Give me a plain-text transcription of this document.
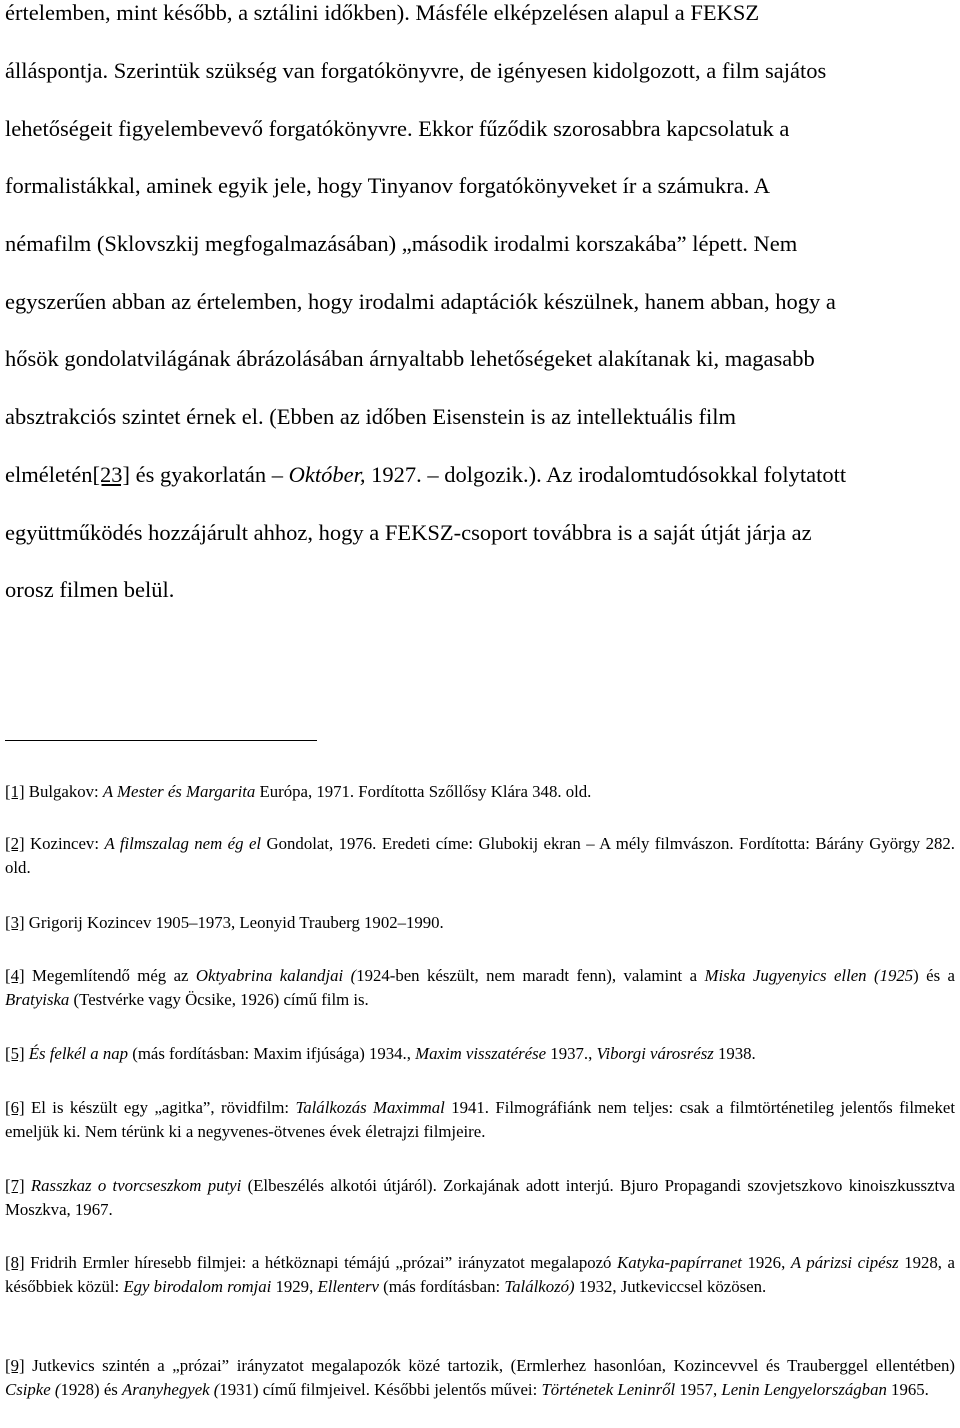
értelemben, mint később, a sztálini időkben). Másféle elképzelésen alapul a FEKSZ
álláspontja. Szerintük szükség van forgatókönyvre, de igényesen kidolgozott, a film sajátos
lehetőségeit figyelembevevő forgatókönyvre. Ekkor fűződik szorosabbra kapcsolatuk a
formalistákkal, aminek egyik jele, hogy Tinyanov forgatókönyveket ír a számukra. A
némafilm (Sklovszkij megfogalmazásában) „második irodalmi korszakába” lépett. Nem
egyszerűen abban az értelemben, hogy irodalmi adaptációk készülnek, hanem abban, hogy a
hősök gondolatvilágának ábrázolásában árnyaltabb lehetőségeket alakítanak ki, magasabb
absztrakciós szintet érnek el. (Ebben az időben Eisenstein is az intellektuális film
elméletén[23] és gyakorlatán – Október, 1927. – dolgozik.). Az irodalomtudósokkal folytatott
együttműködés hozzájárult ahhoz, hogy a FEKSZ-csoport továbbra is a saját útját járja az
orosz filmen belül.
[1] Bulgakov: A Mester és Margarita Európa, 1971. Fordította Szőllősy Klára 348. old.
[2] Kozincev: A filmszalag nem ég el Gondolat, 1976. Eredeti címe: Glubokij ekran – A mély filmvászon. Fordította: Bárány György 282. old.
[3] Grigorij Kozincev 1905–1973, Leonyid Trauberg 1902–1990.
[4] Megemlítendő még az Oktyabrina kalandjai (1924-ben készült, nem maradt fenn), valamint a Miska Jugyenyics ellen (1925) és a Bratyiska (Testvérke vagy Öcsike, 1926) című film is.
[5] És felkél a nap (más fordításban: Maxim ifjúsága) 1934., Maxim visszatérése 1937., Viborgi városrész 1938.
[6] El is készült egy „agitka”, rövidfilm: Találkozás Maximmal 1941. Filmográfiánk nem teljes: csak a filmtörténetileg jelentős filmeket emeljük ki. Nem térünk ki a negyvenes-ötvenes évek életrajzi filmjeire.
[7] Rasszkaz o tvorcseszkom putyi (Elbeszélés alkotói útjáról). Zorkajának adott interjú. Bjuro Propagandi szovjetszkovo kinoiszkussztva Moszkva, 1967.
[8] Fridrih Ermler híresebb filmjei: a hétköznapi témájú „prózai” irányzatot megalapozó Katyka-papírranet 1926, A párizsi cipész 1928, a későbbiek közül: Egy birodalom romjai 1929, Ellenterv (más fordításban: Találkozó) 1932, Jutkeviccsel közösen.
[9] Jutkevics szintén a „prózai” irányzatot megalapozók közé tartozik, (Ermlerhez hasonlóan, Kozincevvel és Trauberggel ellentétben) Csipke (1928) és Aranyhegyek (1931) című filmjeivel. Későbbi jelentős művei: Történetek Leninről 1957, Lenin Lengyelországban 1965.
